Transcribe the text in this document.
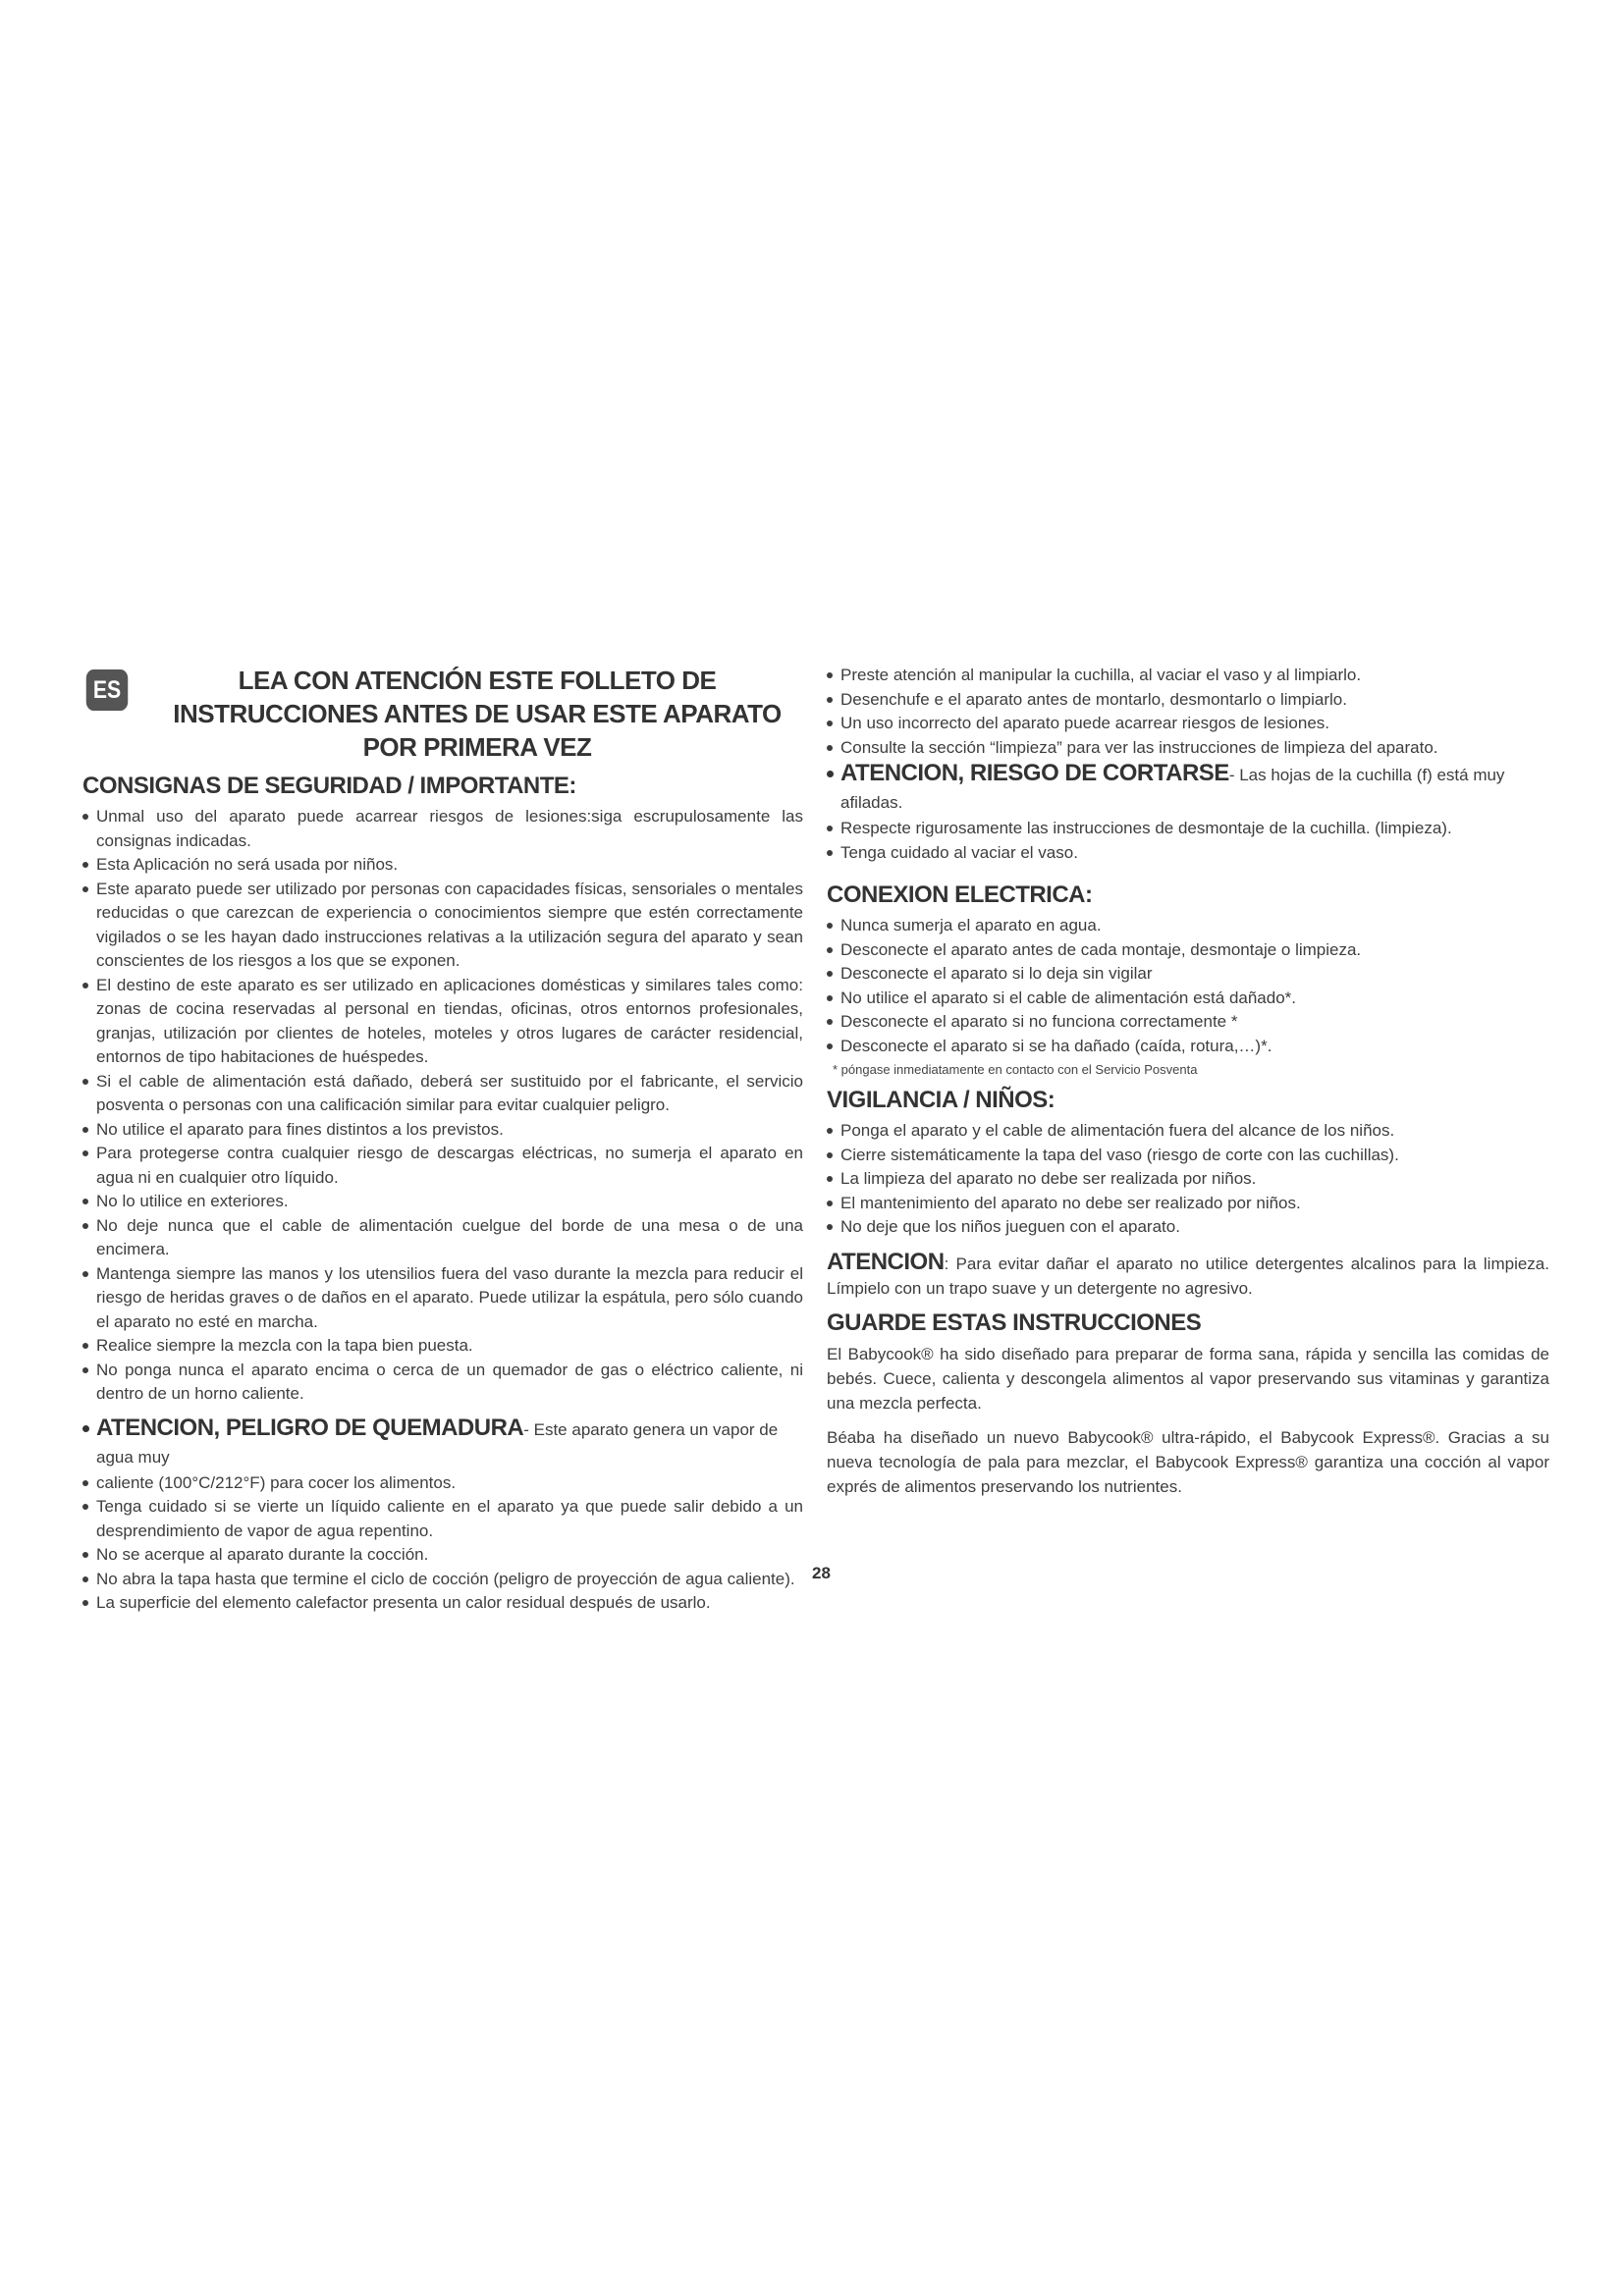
ES	LEA CON ATENCIÓN ESTE FOLLETO DE INSTRUCCIONES ANTES DE USAR ESTE APARATO POR PRIMERA VEZ
CONSIGNAS DE SEGURIDAD / IMPORTANTE:
Unmal uso del aparato puede acarrear riesgos de lesiones:siga escrupulosamente las consignas indicadas.
Esta Aplicación no será usada por niños.
Este aparato puede ser utilizado por personas con capacidades físicas, sensoriales o mentales reducidas o que carezcan de experiencia o conocimientos siempre que estén correctamente vigilados o se les hayan dado instrucciones relativas a la utilización segura del aparato y sean conscientes de los riesgos a los que se exponen.
El destino de este aparato es ser utilizado en aplicaciones domésticas y similares tales como: zonas de cocina reservadas al personal en tiendas, oficinas, otros entornos profesionales, granjas, utilización por clientes de hoteles, moteles y otros lugares de carácter residencial, entornos de tipo habitaciones de huéspedes.
Si el cable de alimentación está dañado, deberá ser sustituido por el fabricante, el servicio posventa o personas con una calificación similar para evitar cualquier peligro.
No utilice el aparato para fines distintos a los previstos.
Para protegerse contra cualquier riesgo de descargas eléctricas, no sumerja el aparato en agua ni en cualquier otro líquido.
No lo utilice en exteriores.
No deje nunca que el cable de alimentación cuelgue del borde de una mesa o de una encimera.
Mantenga siempre las manos y los utensilios fuera del vaso durante la mezcla para reducir el riesgo de heridas graves o de daños en el aparato. Puede utilizar la espátula, pero sólo cuando el aparato no esté en marcha.
Realice siempre la mezcla con la tapa bien puesta.
No ponga nunca el aparato encima o cerca de un quemador de gas o eléctrico caliente, ni dentro de un horno caliente.
ATENCION, PELIGRO DE QUEMADURA- Este aparato genera un vapor de agua muy
caliente (100°C/212°F) para cocer los alimentos.
Tenga cuidado si se vierte un líquido caliente en el aparato ya que puede salir debido a un desprendimiento de vapor de agua repentino.
No se acerque al aparato durante la cocción.
No abra la tapa hasta que termine el ciclo de cocción (peligro de proyección de agua caliente).
La superficie del elemento calefactor presenta un calor residual después de usarlo.
Preste atención al manipular la cuchilla, al vaciar el vaso y al limpiarlo.
Desenchufe e el aparato antes de montarlo, desmontarlo o limpiarlo.
Un uso incorrecto del aparato puede acarrear riesgos de lesiones.
Consulte la sección “limpieza” para ver las instrucciones de limpieza del aparato.
ATENCION, RIESGO DE CORTARSE- Las hojas de la cuchilla (f) está muy afiladas.
Respecte rigurosamente las instrucciones de desmontaje de la cuchilla. (limpieza).
Tenga cuidado al vaciar el vaso.
CONEXION ELECTRICA:
Nunca sumerja el aparato en agua.
Desconecte el aparato antes de cada montaje, desmontaje o limpieza.
Desconecte el aparato si lo deja sin vigilar
No utilice el aparato si el cable de alimentación está dañado*.
Desconecte el aparato si no funciona correctamente *
Desconecte el aparato si se ha dañado (caída, rotura,…)*.
* póngase inmediatamente en contacto con el Servicio Posventa
VIGILANCIA / NIÑOS:
Ponga el aparato y el cable de alimentación fuera del alcance de los niños.
Cierre sistemáticamente la tapa del vaso (riesgo de corte con las cuchillas).
La limpieza del aparato no debe ser realizada por niños.
El mantenimiento del aparato no debe ser realizado por niños.
No deje que los niños jueguen con el aparato.
ATENCION: Para evitar dañar el aparato no utilice detergentes alcalinos para la limpieza. Límpielo con un trapo suave y un detergente no agresivo.
GUARDE ESTAS INSTRUCCIONES

El Babycook® ha sido diseñado para preparar de forma sana, rápida y sencilla las comidas de bebés. Cuece, calienta y descongela alimentos al vapor preservando sus vitaminas y garantiza una mezcla perfecta.

Béaba ha diseñado un nuevo Babycook® ultra-rápido, el Babycook Express®. Gracias a su nueva tecnología de pala para mezclar, el Babycook Express® garantiza una cocción al vapor exprés de alimentos preservando los nutrientes.

28
